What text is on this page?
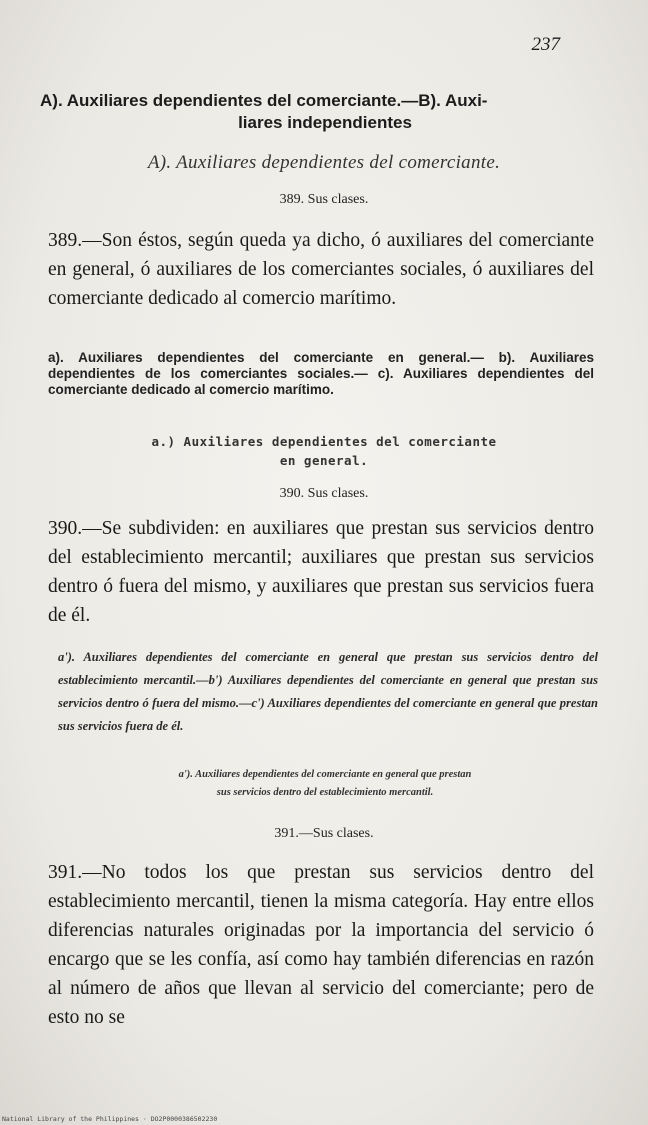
237
A). Auxiliares dependientes del comerciante.—B). Auxi-
liares independientes
A). Auxiliares dependientes del comerciante.
389. Sus clases.
389.—Son éstos, según queda ya dicho, ó auxiliares del comerciante en general, ó auxiliares de los comerciantes sociales, ó auxiliares del comerciante dedicado al comercio marítimo.
a). Auxiliares dependientes del comerciante en general.— b). Auxiliares dependientes de los comerciantes sociales.— c). Auxiliares dependientes del comerciante dedicado al comercio marítimo.
a.) Auxiliares dependientes del comerciante
en general.
390. Sus clases.
390.—Se subdividen: en auxiliares que prestan sus servicios dentro del establecimiento mercantil; auxiliares que prestan sus servicios dentro ó fuera del mismo, y auxiliares que prestan sus servicios fuera de él.
a'). Auxiliares dependientes del comerciante en general que prestan sus servicios dentro del establecimiento mercantil.—b') Auxiliares dependientes del comerciante en general que prestan sus servicios dentro ó fuera del mismo.—c') Auxiliares dependientes del comerciante en general que prestan sus servicios fuera de él.
a'). Auxiliares dependientes del comerciante en general que prestan
sus servicios dentro del establecimiento mercantil.
391.—Sus clases.
391.—No todos los que prestan sus servicios dentro del establecimiento mercantil, tienen la misma categoría. Hay entre ellos diferencias naturales originadas por la importancia del servicio ó encargo que se les confía, así como hay también diferencias en razón al número de años que llevan al servicio del comerciante; pero de esto no se
National Library of the Philippines · DO2P0000386502230
